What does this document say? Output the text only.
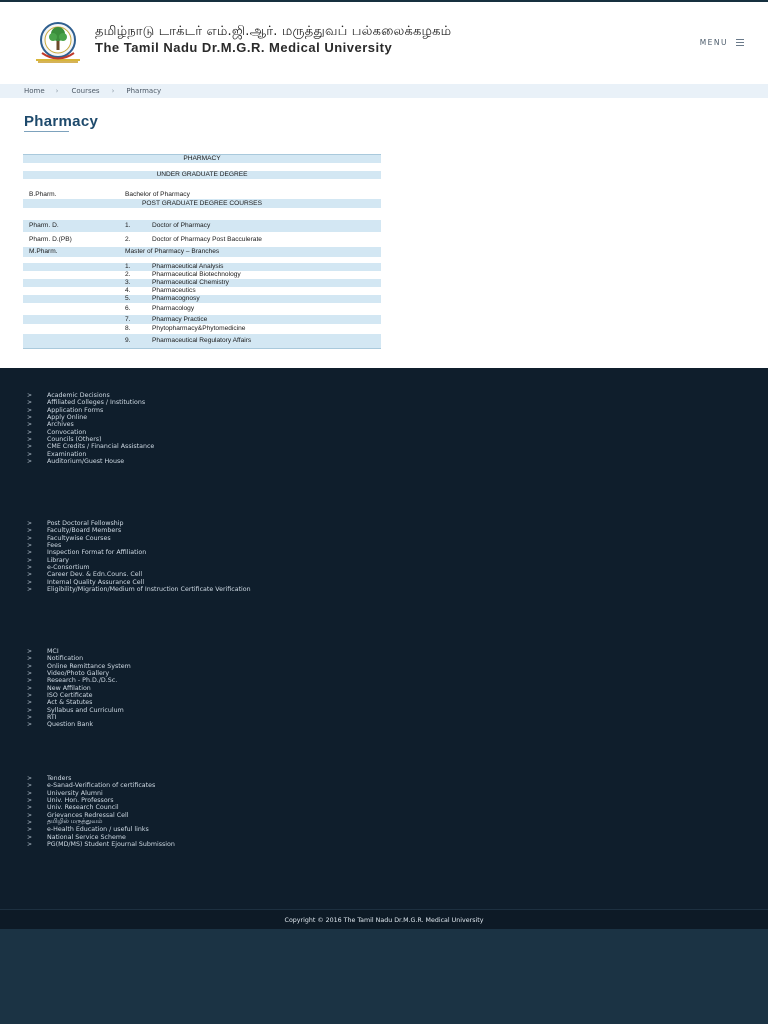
தமிழ்நாடு டாக்டர் எம்.ஜி.ஆர். மருத்துவப் பல்கலைக்கழகம்
The Tamil Nadu Dr.M.G.R. Medical University	MENU
Home › Courses › Pharmacy
Pharmacy
PHARMACY		

UNDER GRADUATE DEGREE		

B.Pharm.	Bachelor of Pharmacy	
POST GRADUATE DEGREE COURSES		

Pharm. D.	1.	Doctor of Pharmacy
Pharm. D.(PB)	2.	Doctor of Pharmacy Post Bacculerate
M.Pharm.	Master of Pharmacy – Branches	

	1.	Pharmaceutical Analysis
	2.	Pharmaceutical Biotechnology
	3.	Pharmaceutical Chemistry
	4.	Pharmaceutics
	5.	Pharmacognosy
	6.	Pharmacology
	7.	Pharmacy Practice
	8.	Phytopharmacy&Phytomedicine
	9.	Pharmaceutical Regulatory Affairs
>	Academic Decisions
>	Affiliated Colleges / Institutions
>	Application Forms
>	Apply Online
>	Archives
>	Convocation
>	Councils (Others)
>	CME Credits / Financial Assistance
>	Examination
>	Auditorium/Guest House
>	Post Doctoral Fellowship
>	Faculty/Board Members
>	Facultywise Courses
>	Fees
>	Inspection Format for Affiliation
>	Library
>	e-Consortium
>	Career Dev. & Edn.Couns. Cell
>	Internal Quality Assurance Cell
>	Eligibility/Migration/Medium of Instruction Certificate Verification
>	MCI
>	Notification
>	Online Remittance System
>	Video/Photo Gallery
>	Research - Ph.D./D.Sc.
>	New Affilation
>	ISO Certificate
>	Act & Statutes
>	Syllabus and Curriculum
>	RTI
>	Question Bank
>	Tenders
>	e-Sanad-Verification of certificates
>	University Alumni
>	Univ. Hon. Professors
>	Univ. Research Council
>	Grievances Redressal Cell
>	தமிழில் மருத்துவம்
>	e-Health Education / useful links
>	National Service Scheme
>	PG(MD/MS) Student Ejournal Submission
Copyright © 2016 The Tamil Nadu Dr.M.G.R. Medical University
